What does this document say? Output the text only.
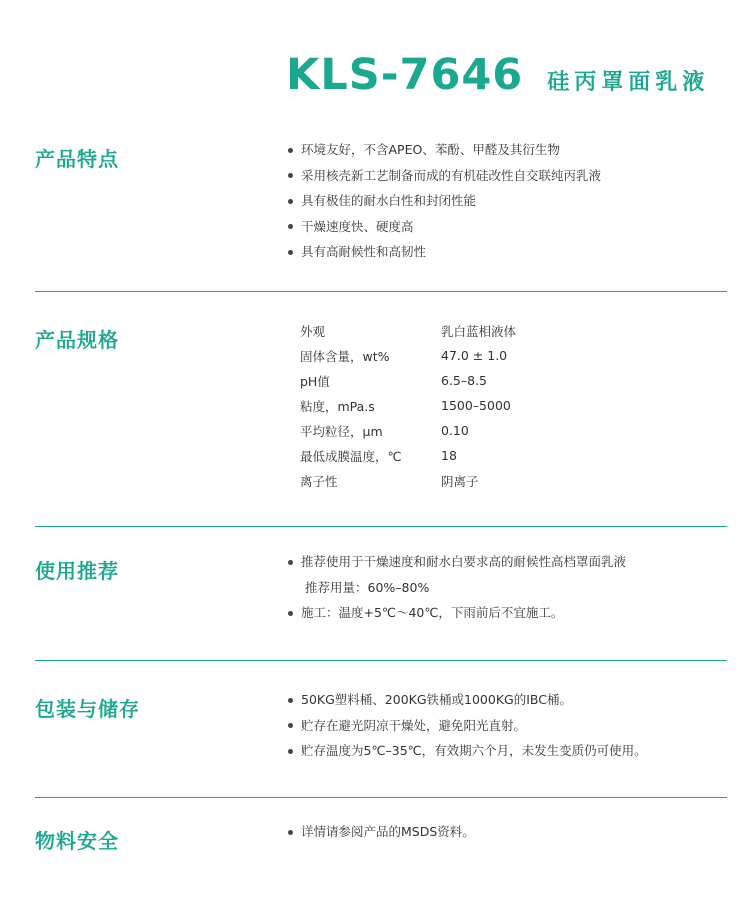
KLS-7646 硅丙罩面乳液
产品特点	环境友好，不含APEO、苯酚、甲醛及其衍生物
采用核壳新工艺制备而成的有机硅改性自交联纯丙乳液
具有极佳的耐水白性和封闭性能
干燥速度快、硬度高
具有高耐候性和高韧性
产品规格	外观	乳白蓝相液体
固体含量，wt%	47.0 ± 1.0
pH值	6.5–8.5
粘度，mPa.s	1500–5000
平均粒径，μm	0.10
最低成膜温度，℃	18
离子性	阴离子
使用推荐	推荐使用于干燥速度和耐水白要求高的耐候性高档罩面乳液
推荐用量：60%–80%
施工：温度+5℃～40℃，下雨前后不宜施工。
包装与储存	50KG塑料桶、200KG铁桶或1000KG的IBC桶。
贮存在避光阴凉干燥处，避免阳光直射。
贮存温度为5℃–35℃，有效期六个月，未发生变质仍可使用。
物料安全	详情请参阅产品的MSDS资料。
